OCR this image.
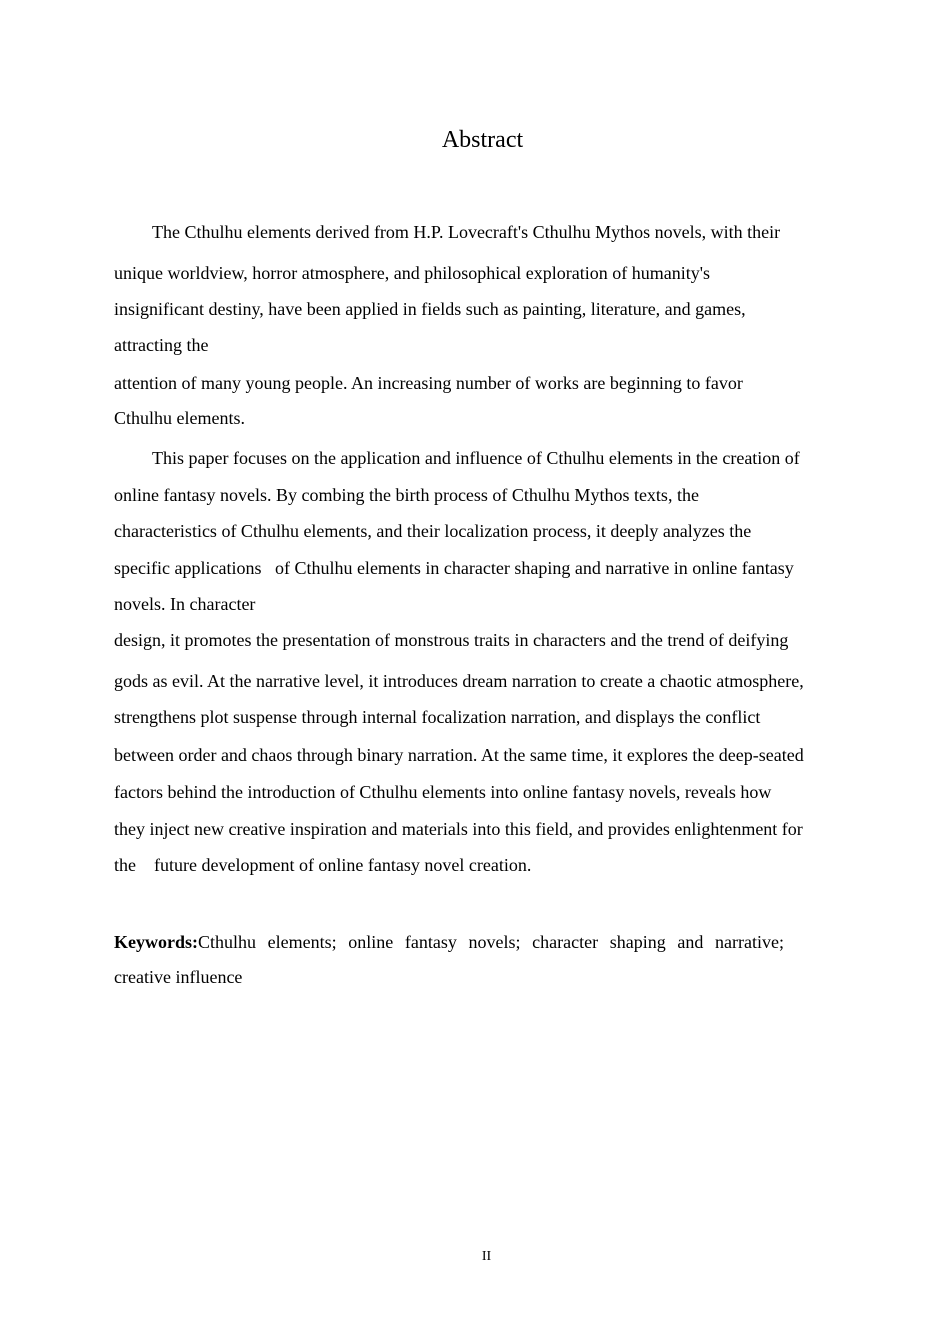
Abstract
The Cthulhu elements derived from H.P. Lovecraft's Cthulhu Mythos novels, with their
unique worldview, horror atmosphere, and philosophical exploration of humanity's
insignificant destiny, have been applied in fields such as painting, literature, and games,
attracting the
attention of many young people. An increasing number of works are beginning to favor
Cthulhu elements.
This paper focuses on the application and influence of Cthulhu elements in the creation of
online fantasy novels. By combing the birth process of Cthulhu Mythos texts, the
characteristics of Cthulhu elements, and their localization process, it deeply analyzes the
specific applications   of Cthulhu elements in character shaping and narrative in online fantasy
novels. In character
design, it promotes the presentation of monstrous traits in characters and the trend of deifying
gods as evil. At the narrative level, it introduces dream narration to create a chaotic atmosphere,
strengthens plot suspense through internal focalization narration, and displays the conflict
between order and chaos through binary narration. At the same time, it explores the deep-seated
factors behind the introduction of Cthulhu elements into online fantasy novels, reveals how
they inject new creative inspiration and materials into this field, and provides enlightenment for
the    future development of online fantasy novel creation.
Keywords:Cthulhu elements; online fantasy novels; character shaping and narrative;
creative influence
II
